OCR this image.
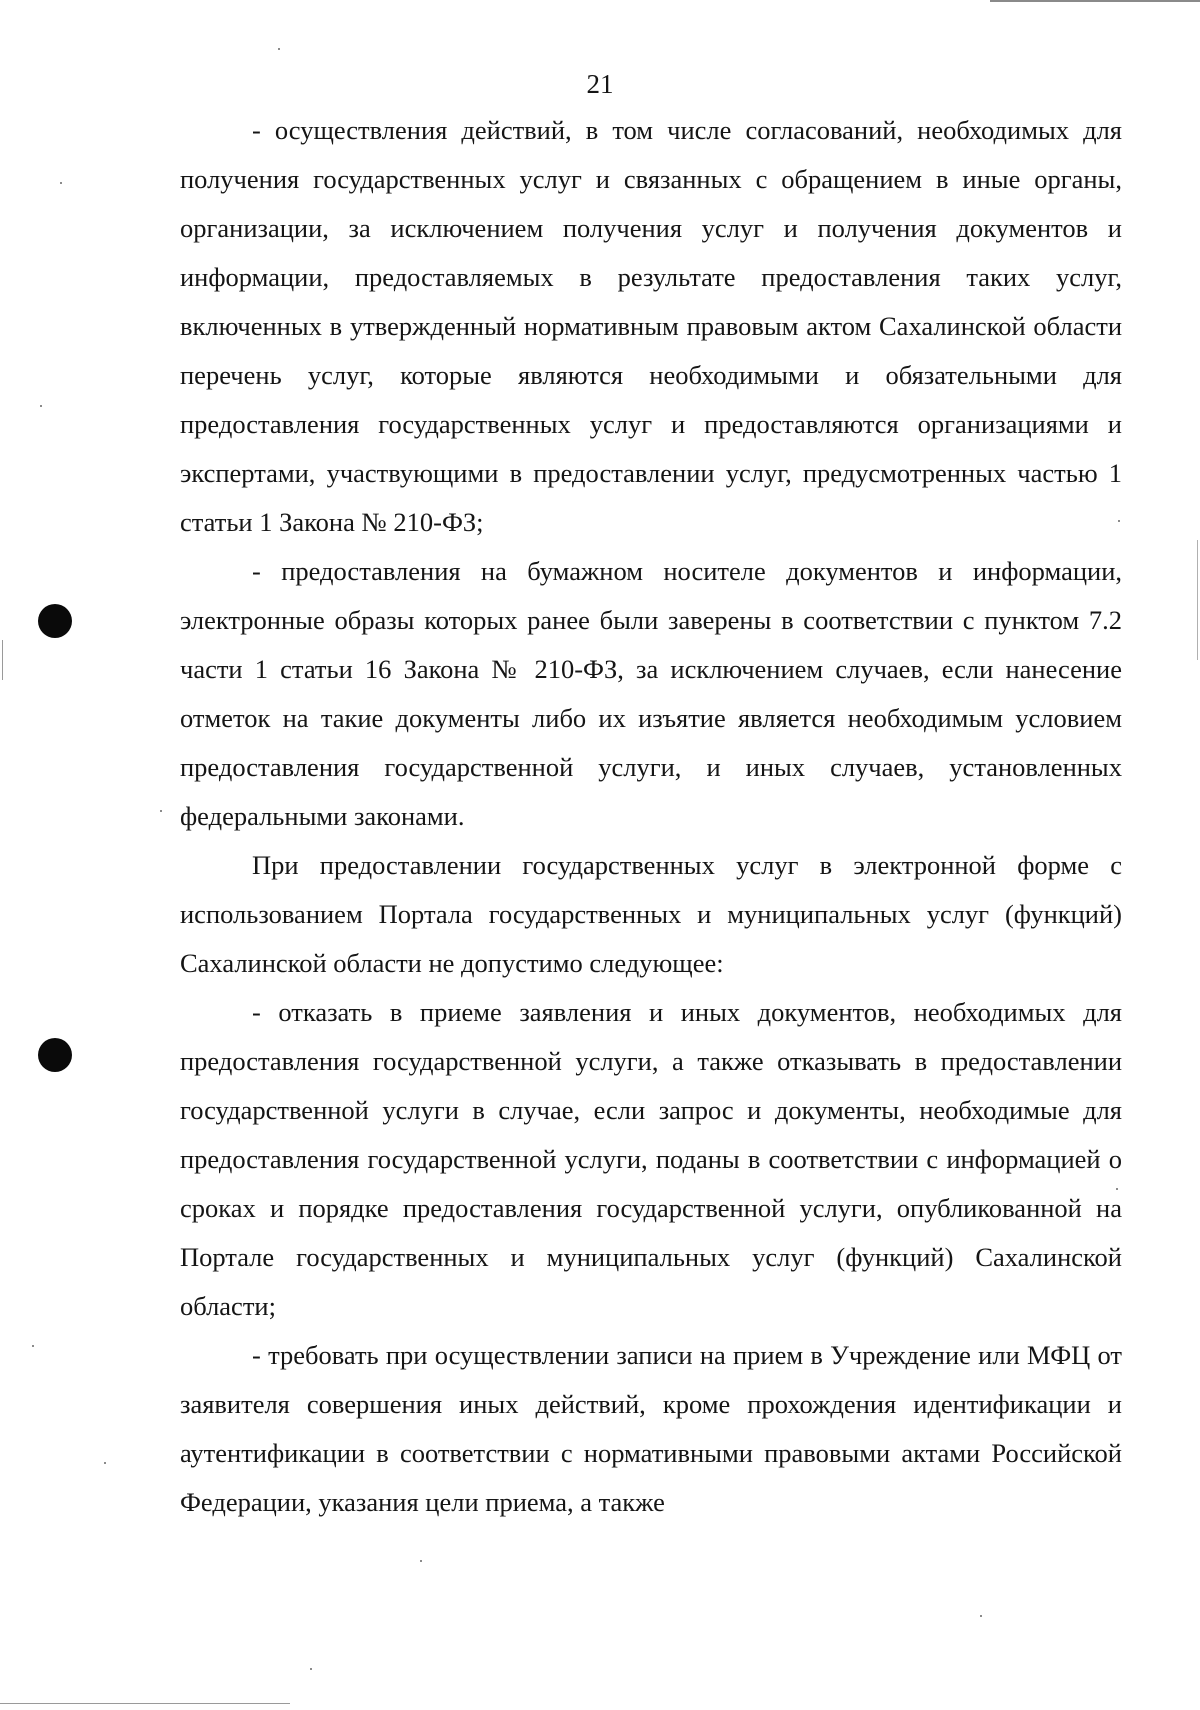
21

- осуществления действий, в том числе согласований, необходимых для получения государственных услуг и связанных с обращением в иные органы, организации, за исключением получения услуг и получения документов и информации, предоставляемых в результате предоставления таких услуг, включенных в утвержденный нормативным правовым актом Сахалинской области перечень услуг, которые являются необходимыми и обязательными для предоставления государственных услуг и предоставляются организациями и экспертами, участвующими в предоставлении услуг, предусмотренных частью 1 статьи 1 Закона № 210-ФЗ;

- предоставления на бумажном носителе документов и информации, электронные образы которых ранее были заверены в соответствии с пунктом 7.2 части 1 статьи 16 Закона № 210-ФЗ, за исключением случаев, если нанесение отметок на такие документы либо их изъятие является необходимым условием предоставления государственной услуги, и иных случаев, установленных федеральными законами.

При предоставлении государственных услуг в электронной форме с использованием Портала государственных и муниципальных услуг (функций) Сахалинской области не допустимо следующее:

- отказать в приеме заявления и иных документов, необходимых для предоставления государственной услуги, а также отказывать в предоставлении государственной услуги в случае, если запрос и документы, необходимые для предоставления государственной услуги, поданы в соответствии с информацией о сроках и порядке предоставления государственной услуги, опубликованной на Портале государственных и муниципальных услуг (функций) Сахалинской области;

- требовать при осуществлении записи на прием в Учреждение или МФЦ от заявителя совершения иных действий, кроме прохождения идентификации и аутентификации в соответствии с нормативными правовыми актами Российской Федерации, указания цели приема, а также
